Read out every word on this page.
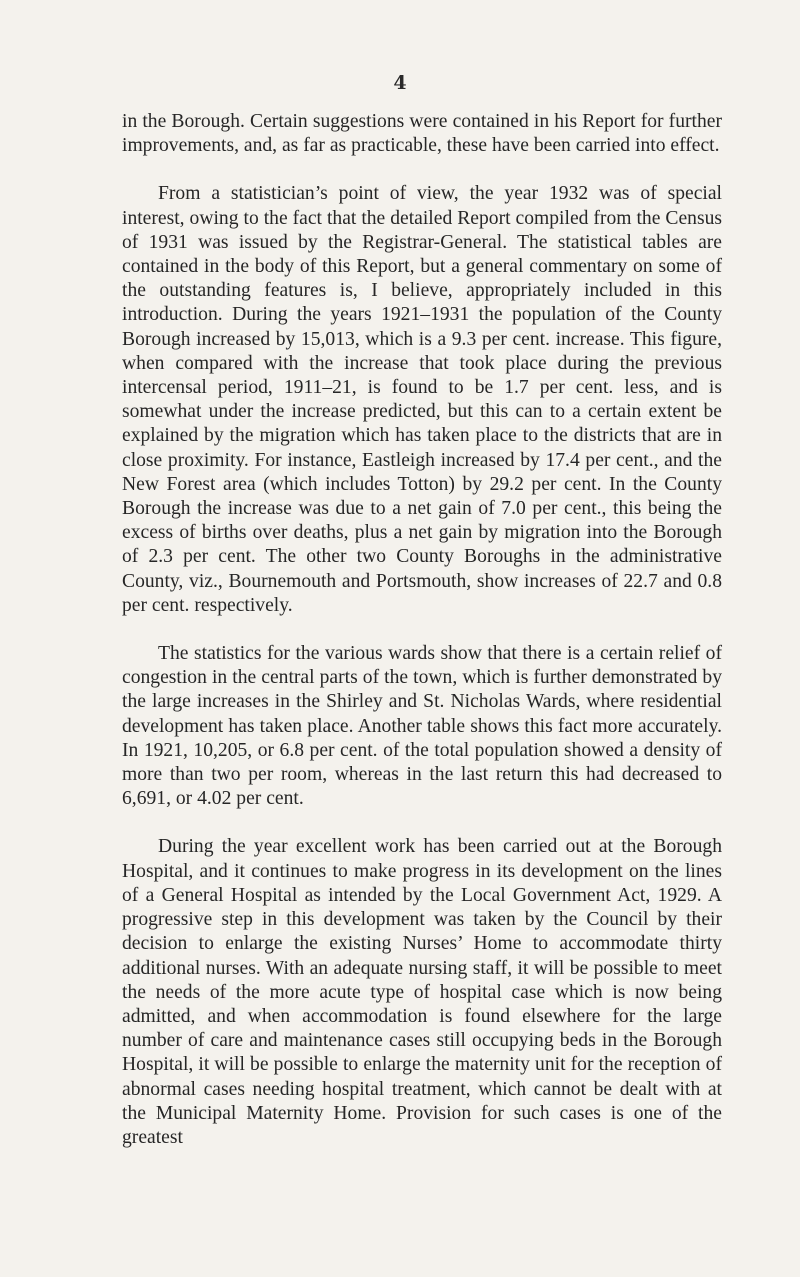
4

in the Borough. Certain suggestions were contained in his Report for further improvements, and, as far as practicable, these have been carried into effect.

From a statistician’s point of view, the year 1932 was of special interest, owing to the fact that the detailed Report compiled from the Census of 1931 was issued by the Registrar-General. The statistical tables are contained in the body of this Report, but a general commentary on some of the outstanding features is, I believe, appropriately included in this introduction. During the years 1921–1931 the population of the County Borough increased by 15,013, which is a 9.3 per cent. increase. This figure, when compared with the increase that took place during the previous intercensal period, 1911–21, is found to be 1.7 per cent. less, and is somewhat under the increase predicted, but this can to a certain extent be explained by the migration which has taken place to the districts that are in close proximity. For instance, Eastleigh increased by 17.4 per cent., and the New Forest area (which includes Totton) by 29.2 per cent. In the County Borough the increase was due to a net gain of 7.0 per cent., this being the excess of births over deaths, plus a net gain by migration into the Borough of 2.3 per cent. The other two County Boroughs in the administrative County, viz., Bournemouth and Portsmouth, show increases of 22.7 and 0.8 per cent. respectively.

The statistics for the various wards show that there is a certain relief of congestion in the central parts of the town, which is further demonstrated by the large increases in the Shirley and St. Nicholas Wards, where residential development has taken place. Another table shows this fact more accurately. In 1921, 10,205, or 6.8 per cent. of the total population showed a density of more than two per room, whereas in the last return this had decreased to 6,691, or 4.02 per cent.

During the year excellent work has been carried out at the Borough Hospital, and it continues to make progress in its development on the lines of a General Hospital as intended by the Local Government Act, 1929. A progressive step in this development was taken by the Council by their decision to enlarge the existing Nurses’ Home to accommodate thirty additional nurses. With an adequate nursing staff, it will be possible to meet the needs of the more acute type of hospital case which is now being admitted, and when accommodation is found elsewhere for the large number of care and maintenance cases still occupying beds in the Borough Hospital, it will be possible to enlarge the maternity unit for the reception of abnormal cases needing hospital treatment, which cannot be dealt with at the Municipal Maternity Home. Provision for such cases is one of the greatest
